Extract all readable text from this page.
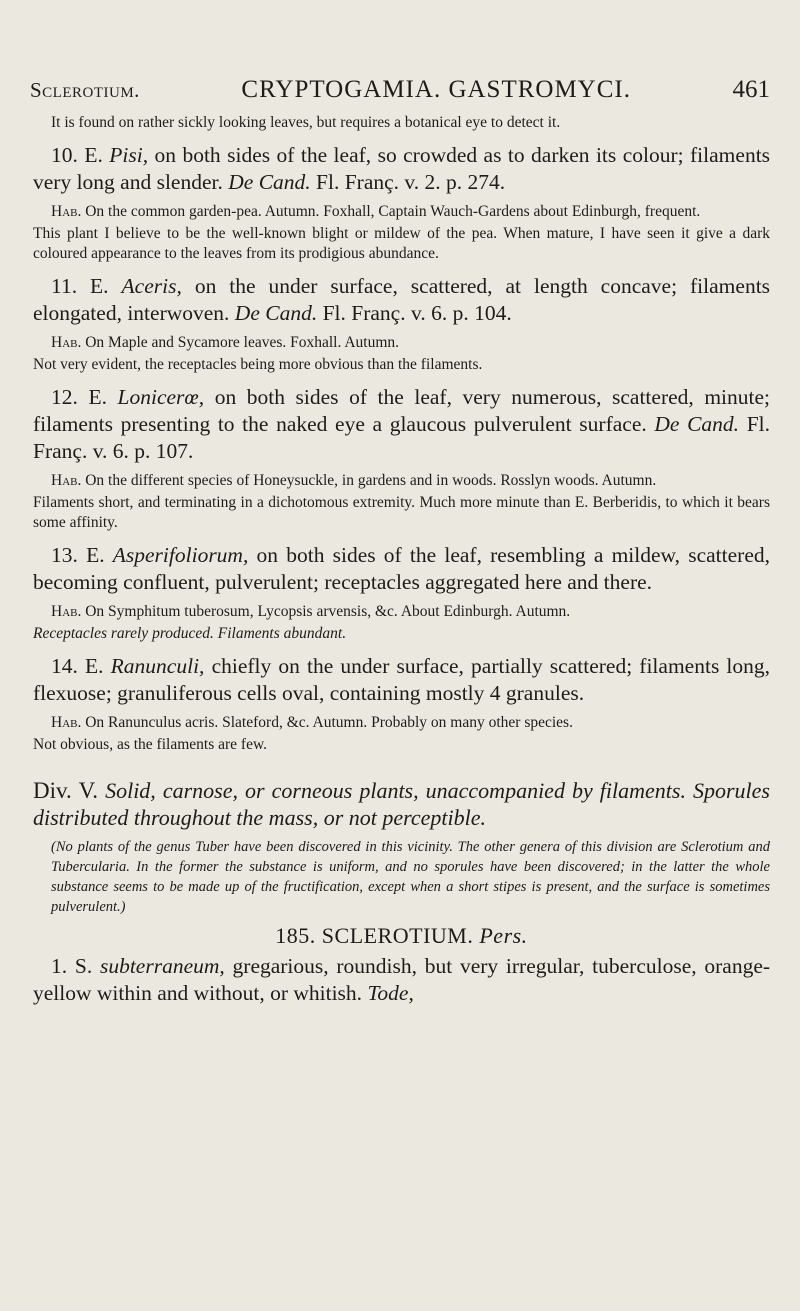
Sclerotium.	CRYPTOGAMIA. GASTROMYCI.	461

It is found on rather sickly looking leaves, but requires a botanical eye to detect it.

10. E. Pisi, on both sides of the leaf, so crowded as to darken its colour; filaments very long and slender. De Cand. Fl. Franç. v. 2. p. 274.

Hab. On the common garden-pea. Autumn. Foxhall, Captain Wauch-Gardens about Edinburgh, frequent.

This plant I believe to be the well-known blight or mildew of the pea. When mature, I have seen it give a dark coloured appearance to the leaves from its prodigious abundance.

11. E. Aceris, on the under surface, scattered, at length concave; filaments elongated, interwoven. De Cand. Fl. Franç. v. 6. p. 104.

Hab. On Maple and Sycamore leaves. Foxhall. Autumn.

Not very evident, the receptacles being more obvious than the filaments.

12. E. Lonicerœ, on both sides of the leaf, very numerous, scattered, minute; filaments presenting to the naked eye a glaucous pulverulent surface. De Cand. Fl. Franç. v. 6. p. 107.

Hab. On the different species of Honeysuckle, in gardens and in woods. Rosslyn woods. Autumn.

Filaments short, and terminating in a dichotomous extremity. Much more minute than E. Berberidis, to which it bears some affinity.

13. E. Asperifoliorum, on both sides of the leaf, resembling a mildew, scattered, becoming confluent, pulverulent; receptacles aggregated here and there.

Hab. On Symphitum tuberosum, Lycopsis arvensis, &c. About Edinburgh. Autumn.

Receptacles rarely produced. Filaments abundant.

14. E. Ranunculi, chiefly on the under surface, partially scattered; filaments long, flexuose; granuliferous cells oval, containing mostly 4 granules.

Hab. On Ranunculus acris. Slateford, &c. Autumn. Probably on many other species.

Not obvious, as the filaments are few.

Div. V. Solid, carnose, or corneous plants, unaccompanied by filaments. Sporules distributed throughout the mass, or not perceptible.

(No plants of the genus Tuber have been discovered in this vicinity. The other genera of this division are Sclerotium and Tubercularia. In the former the substance is uniform, and no sporules have been discovered; in the latter the whole substance seems to be made up of the fructification, except when a short stipes is present, and the surface is sometimes pulverulent.)

185. SCLEROTIUM. Pers.

1. S. subterraneum, gregarious, roundish, but very irregular, tuberculose, orange-yellow within and without, or whitish. Tode,
